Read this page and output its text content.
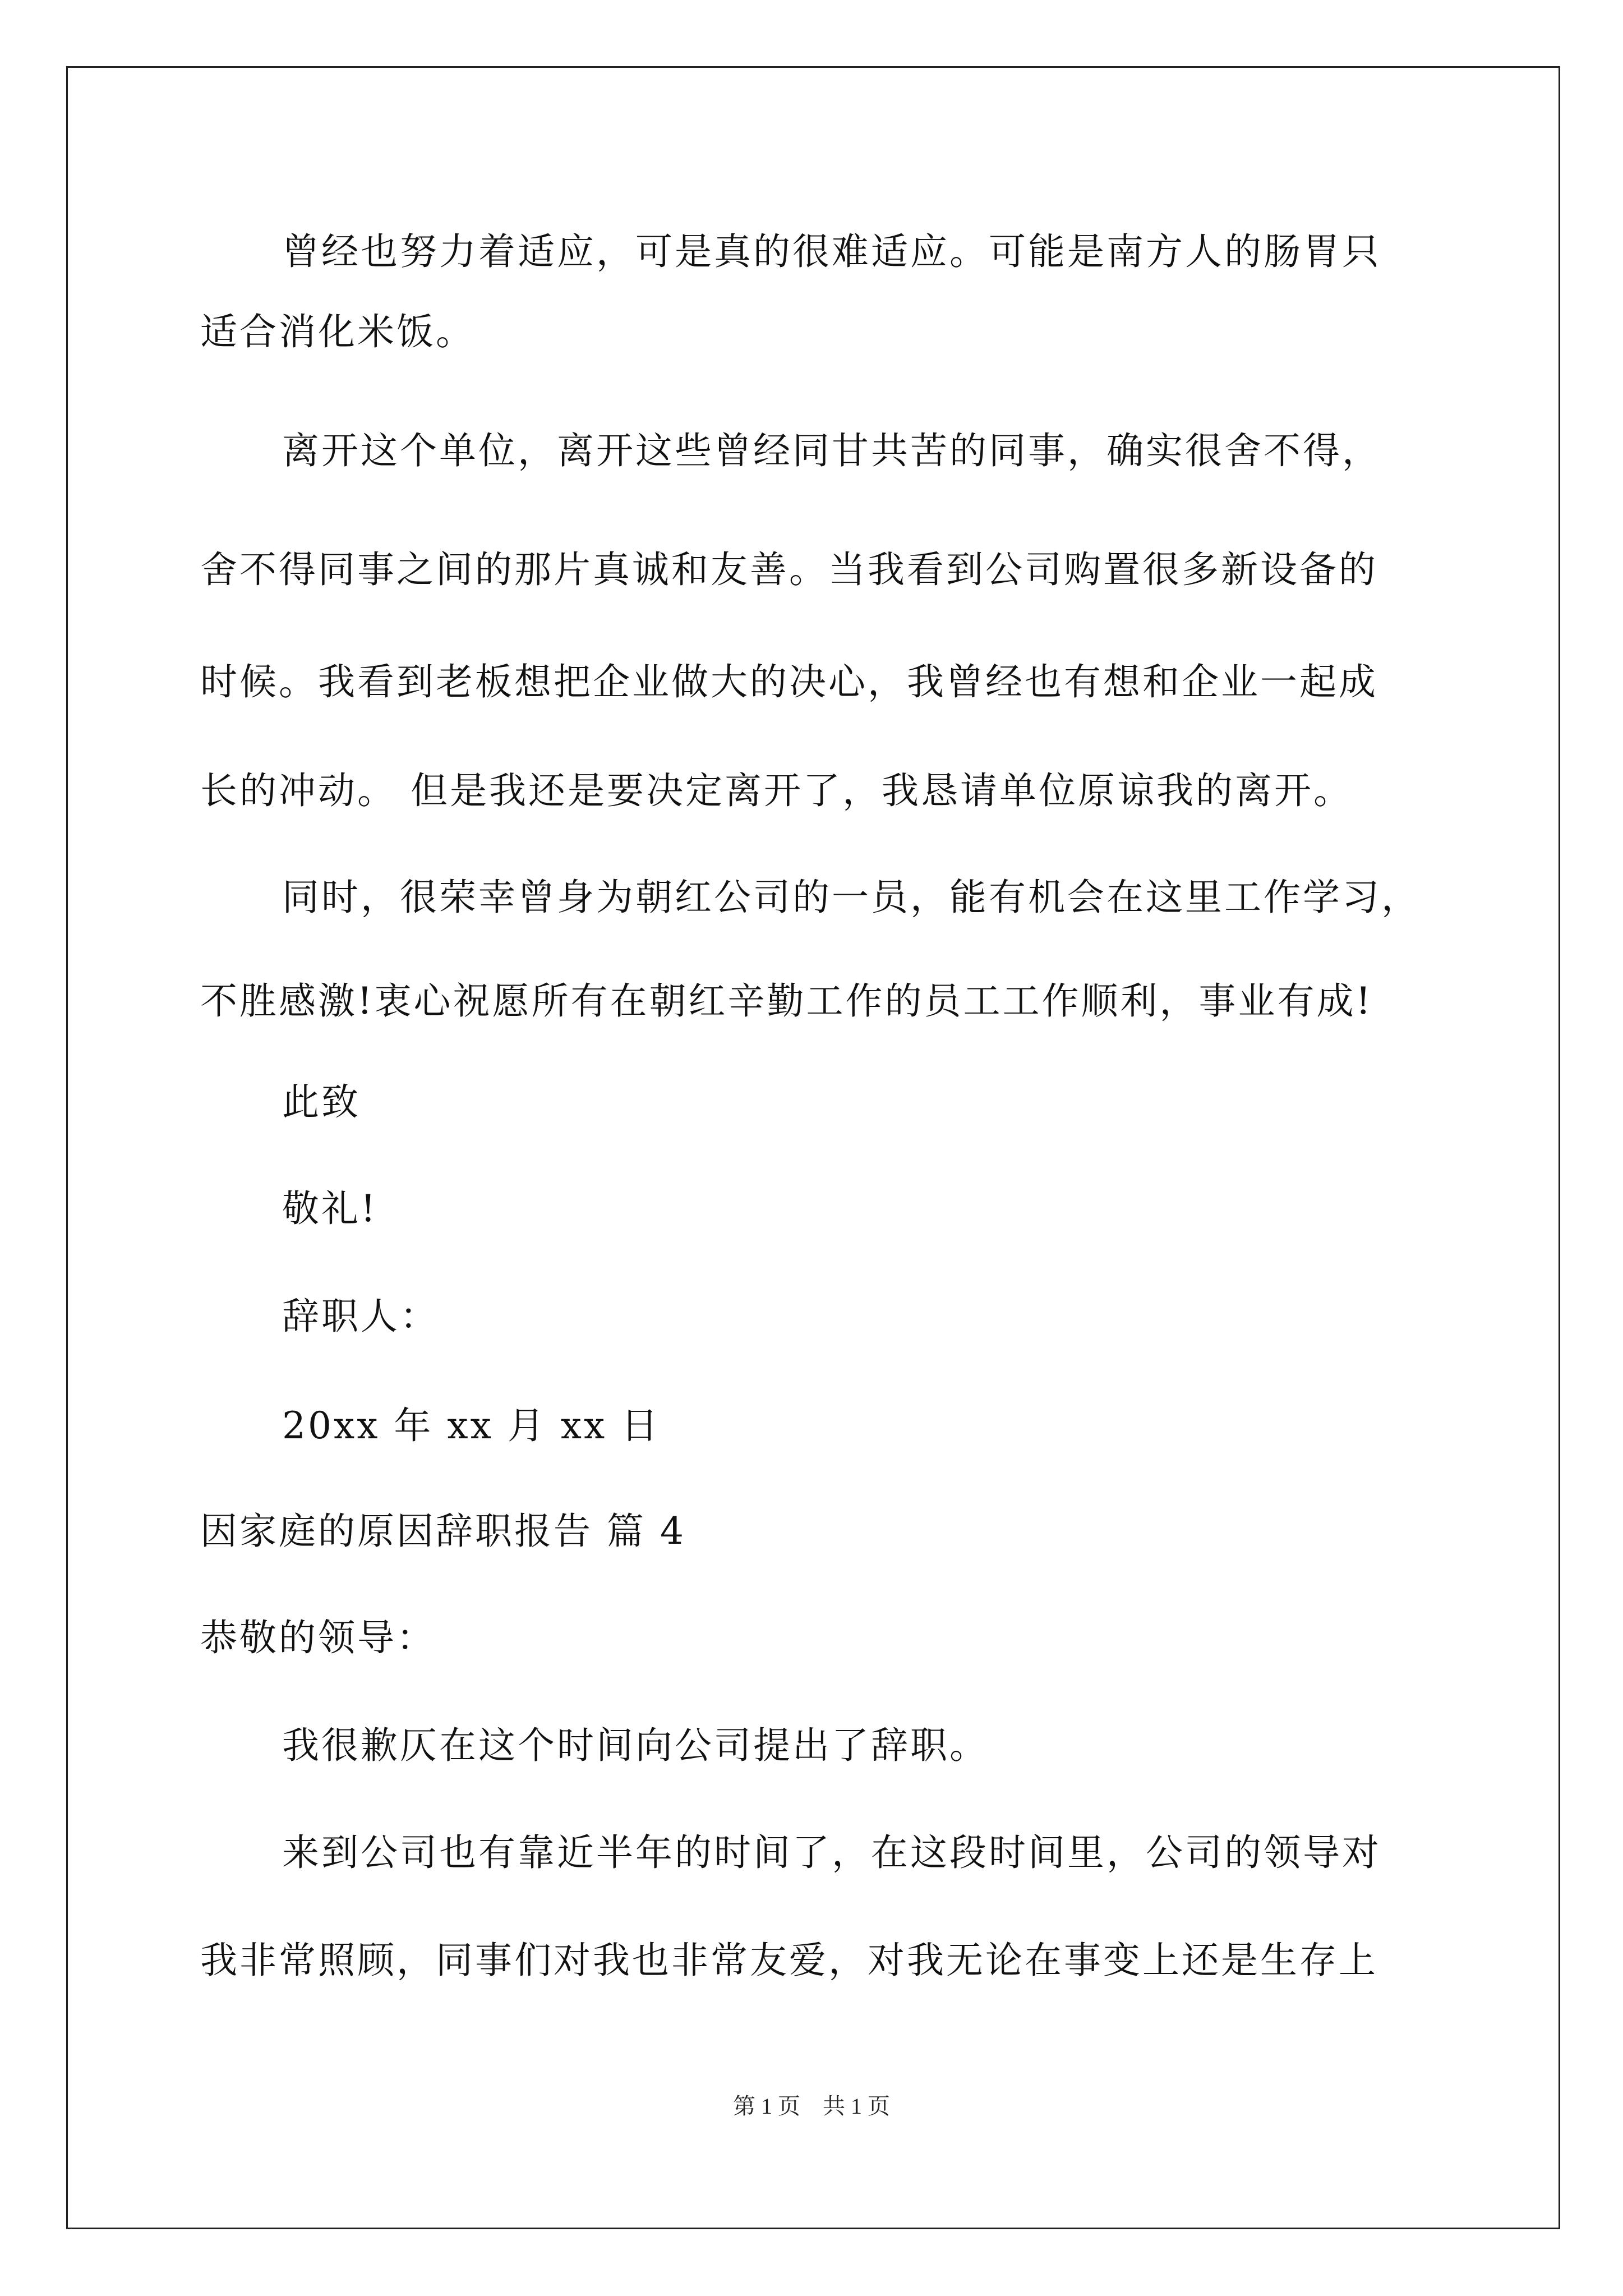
曾经也努力着适应，可是真的很难适应。可能是南方人的肠胃只
适合消化米饭。
离开这个单位，离开这些曾经同甘共苦的同事，确实很舍不得，
舍不得同事之间的那片真诚和友善。当我看到公司购置很多新设备的
时候。我看到老板想把企业做大的决心，我曾经也有想和企业一起成
长的冲动。 但是我还是要决定离开了，我恳请单位原谅我的离开。
同时，很荣幸曾身为朝红公司的一员，能有机会在这里工作学习，
不胜感激!衷心祝愿所有在朝红辛勤工作的员工工作顺利，事业有成!
此致
敬礼!
辞职人：
20xx 年 xx 月 xx 日
因家庭的原因辞职报告 篇 4
恭敬的领导：
我很歉仄在这个时间向公司提出了辞职。
来到公司也有靠近半年的时间了，在这段时间里，公司的领导对
我非常照顾，同事们对我也非常友爱，对我无论在事变上还是生存上
第 1 页　共 1 页
